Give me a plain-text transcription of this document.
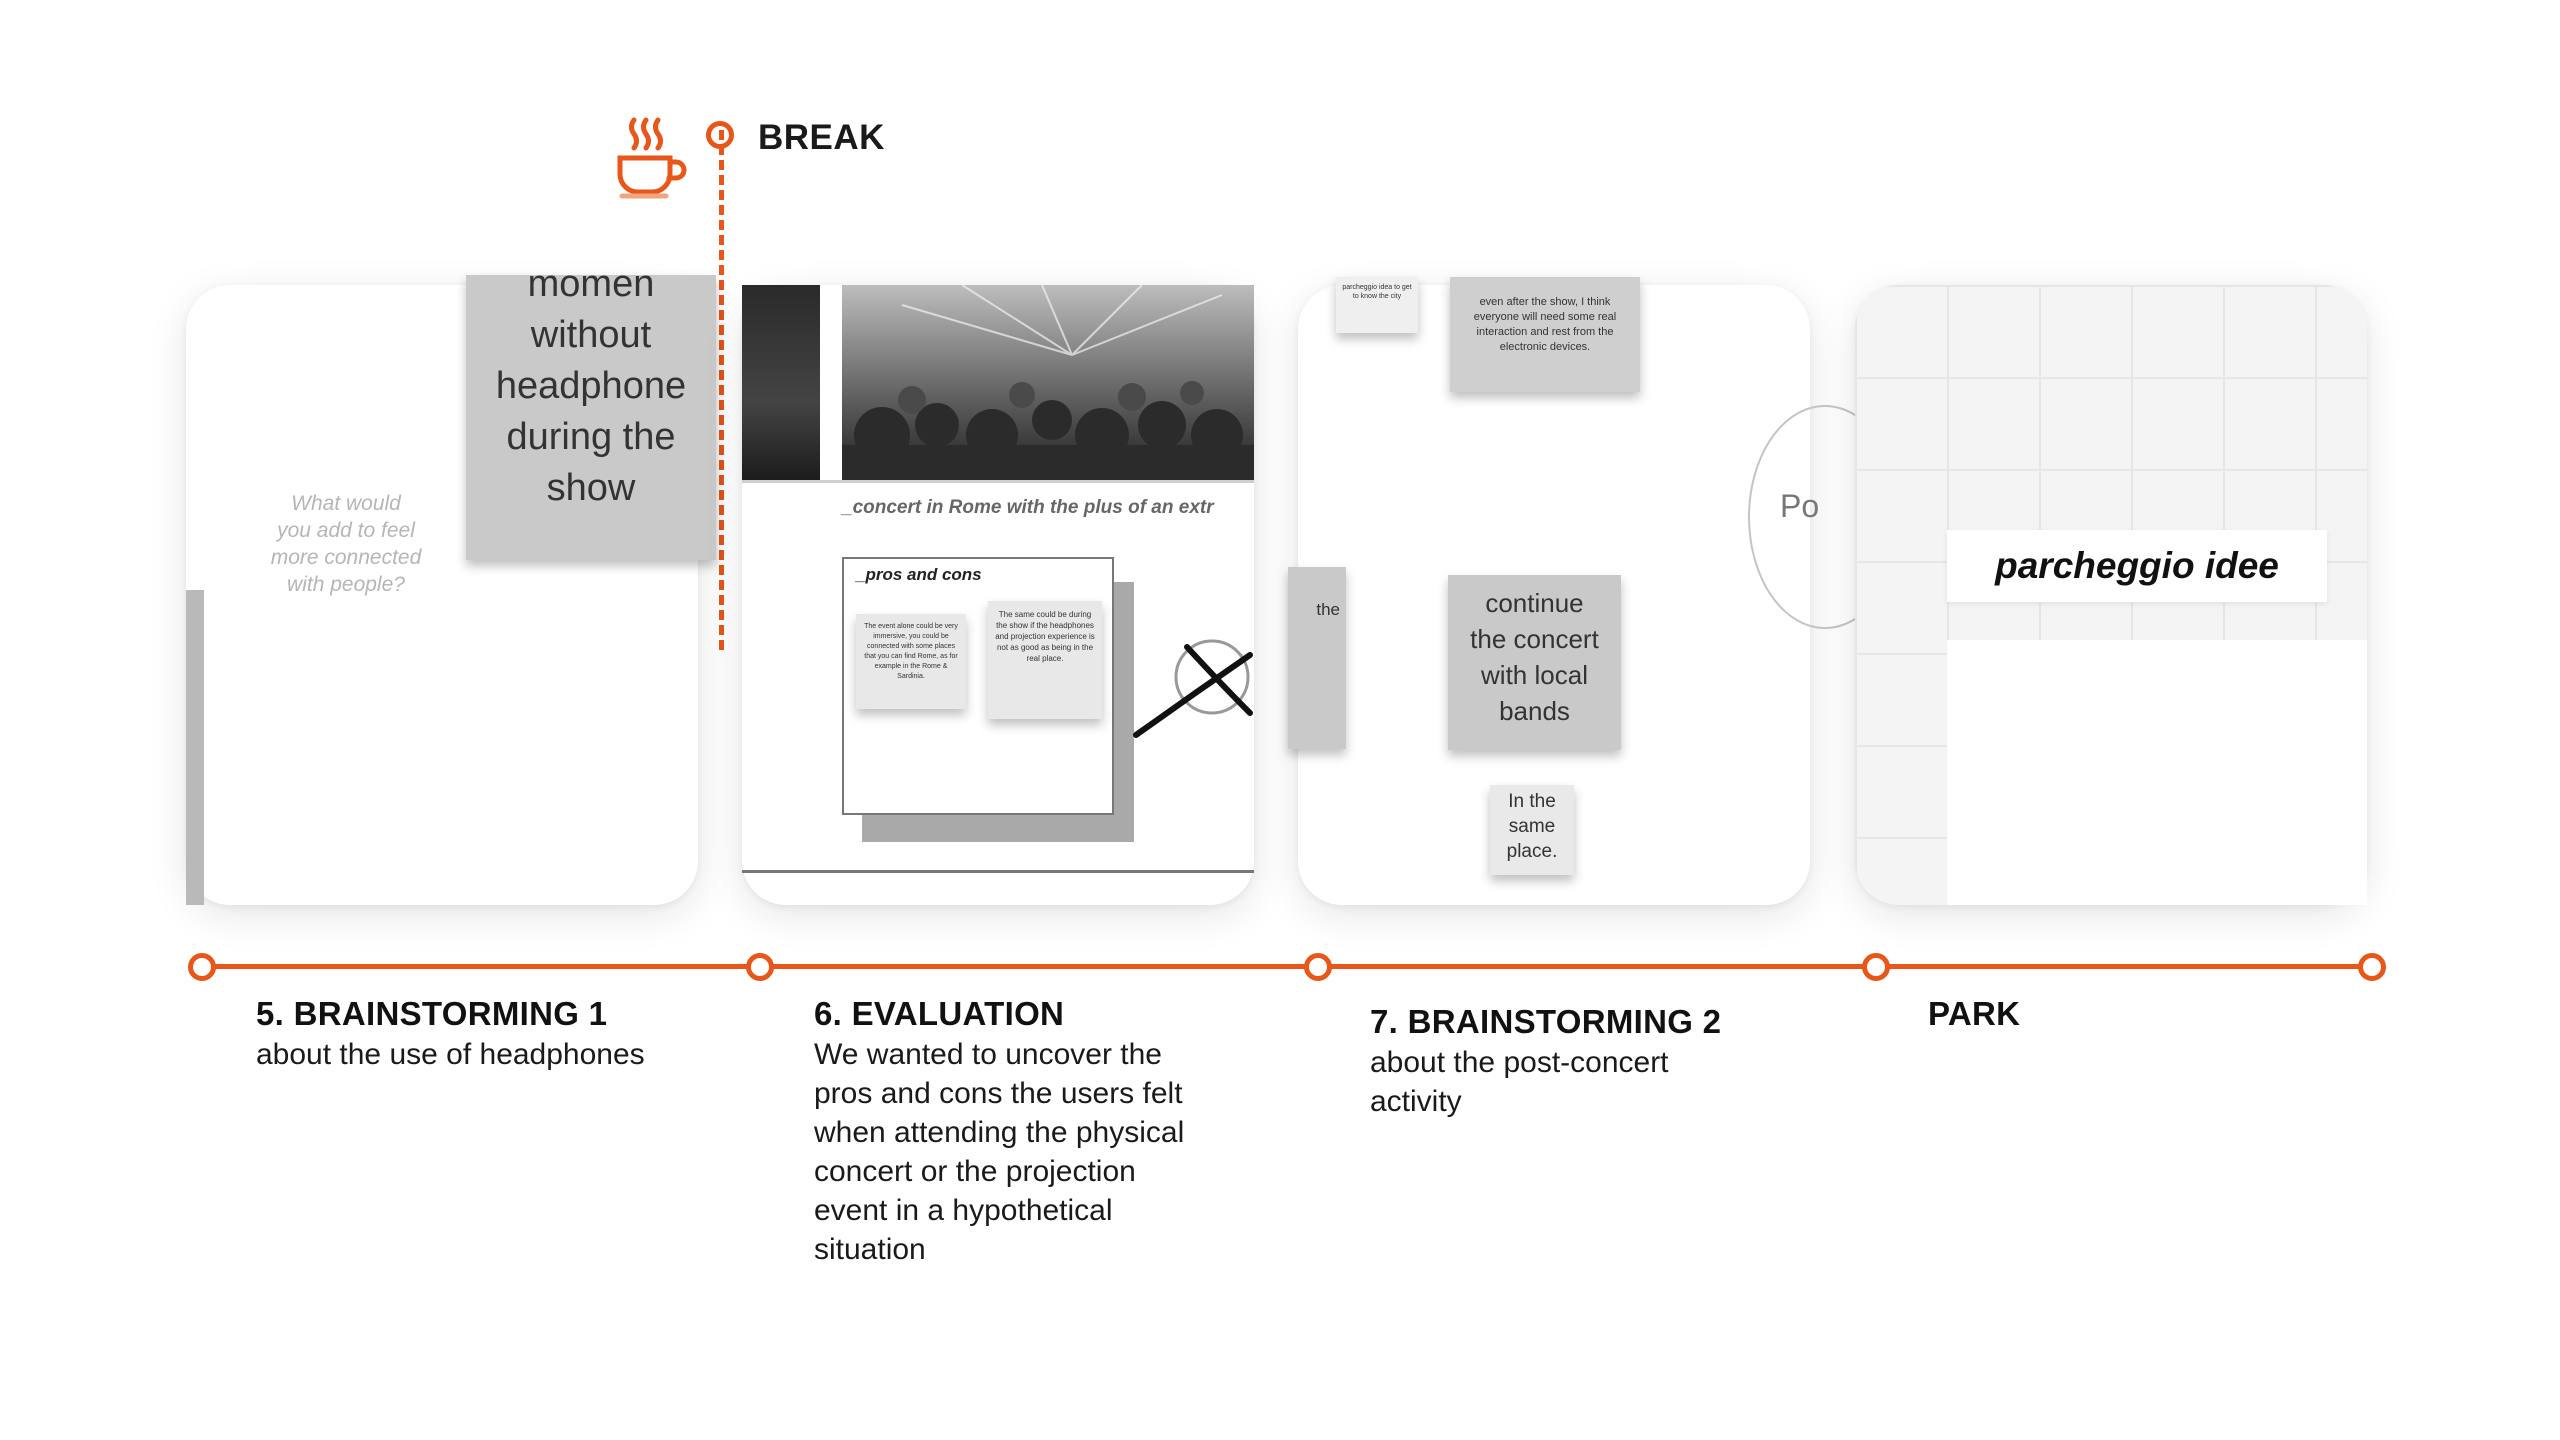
BREAK
momen
without
headphone
during the
show
What would
you add to feel
more connected
with people?
_concert in Rome with the plus of an extr
_pros and cons
The event alone could be very immersive, you could be connected with some places that you can find Rome, as for example in the Rome & Sardinia.
The same could be during the show if the headphones and projection experience is not as good as being in the real place.
parcheggio idea to get to know the city	even after the show, I think everyone will need some real interaction and rest from the electronic devices.
Po
the	continue
the concert
with local
bands
In the
same
place.
parcheggio idee
5. BRAINSTORMING 1
about the use of headphones
6. EVALUATION
We wanted to uncover the
pros and cons the users felt
when attending the physical
concert or the projection
event in a hypothetical
situation
7. BRAINSTORMING 2
about the post-concert
activity
PARK
